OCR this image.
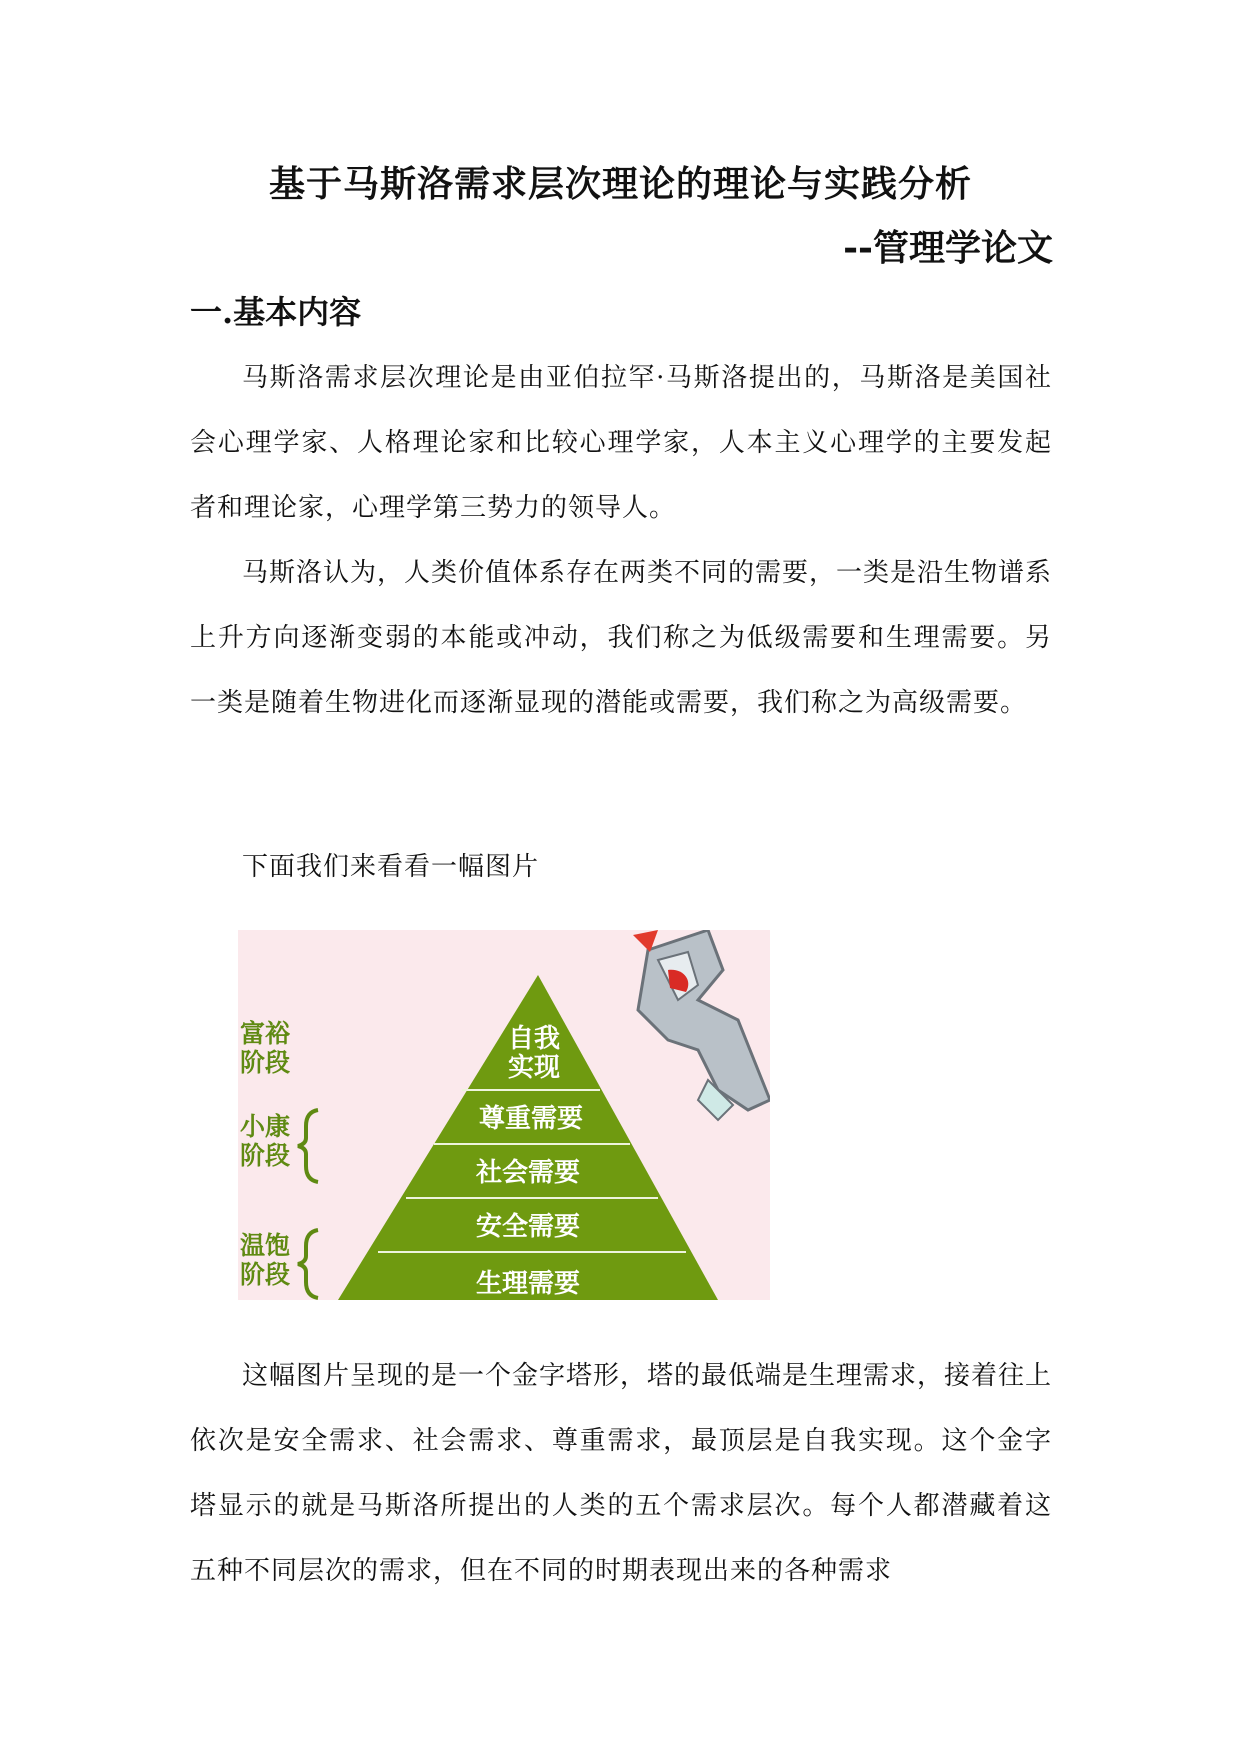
基于马斯洛需求层次理论的理论与实践分析
--管理学论文
一.基本内容

马斯洛需求层次理论是由亚伯拉罕·马斯洛提出的，马斯洛是美国社会心理学家、人格理论家和比较心理学家，人本主义心理学的主要发起者和理论家，心理学第三势力的领导人。

马斯洛认为，人类价值体系存在两类不同的需要，一类是沿生物谱系上升方向逐渐变弱的本能或冲动，我们称之为低级需要和生理需要。另一类是随着生物进化而逐渐显现的潜能或需要，我们称之为高级需要。

下面我们来看看一幅图片

自我
实现
尊重需要
社会需要
安全需要
生理需要
富裕
阶段
小康
阶段
温饱
阶段

这幅图片呈现的是一个金字塔形，塔的最低端是生理需求，接着往上依次是安全需求、社会需求、尊重需求，最顶层是自我实现。这个金字塔显示的就是马斯洛所提出的人类的五个需求层次。每个人都潜藏着这五种不同层次的需求，但在不同的时期表现出来的各种需求
